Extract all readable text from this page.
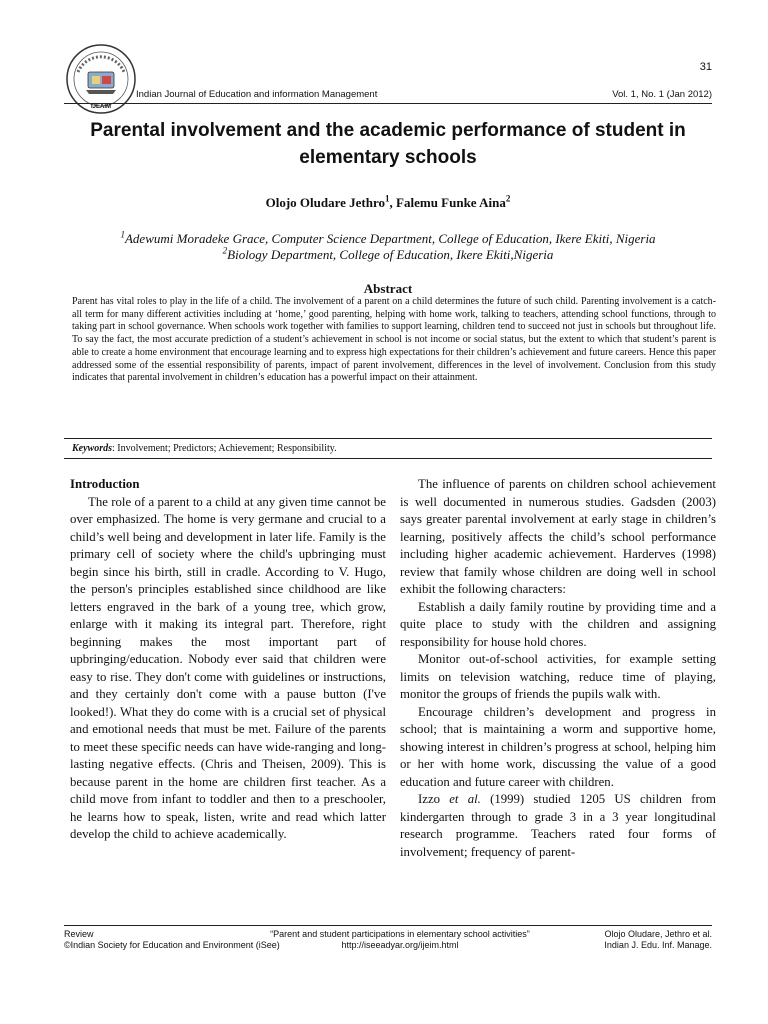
IJEAIM
31
Indian Journal of Education and information Management	Vol. 1, No. 1 (Jan 2012)
Parental involvement and the academic performance of student in elementary schools
Olojo Oludare Jethro$^1$, Falemu Funke Aina$^2$
$^1$Adewumi Moradeke Grace, Computer Science Department, College of Education, Ikere Ekiti, Nigeria
$^2$Biology Department, College of Education, Ikere Ekiti,Nigeria
Abstract

Parent has vital roles to play in the life of a child. The involvement of a parent on a child determines the future of such child. Parenting involvement is a catch-all term for many different activities including at ‘home,’ good parenting, helping with home work, talking to teachers, attending school functions, through to taking part in school governance. When schools work together with families to support learning, children tend to succeed not just in schools but throughout life. To say the fact, the most accurate prediction of a student’s achievement in school is not income or social status, but the extent to which that student’s parent is able to create a home environment that encourage learning and to express high expectations for their children’s achievement and future careers. Hence this paper addressed some of the essential responsibility of parents, impact of parent involvement, differences in the level of involvement. Conclusion from this study indicates that parental involvement in children’s education has a powerful impact on their attainment.

Keywords: Involvement; Predictors; Achievement; Responsibility.

Introduction

The role of a parent to a child at any given time cannot be over emphasized. The home is very germane and crucial to a child’s well being and development in later life. Family is the primary cell of society where the child's upbringing must begin since his birth, still in cradle. According to V. Hugo, the person's principles established since childhood are like letters engraved in the bark of a young tree, which grow, enlarge with it making its integral part. Therefore, right beginning makes the most important part of upbringing/education. Nobody ever said that children were easy to rise. They don't come with guidelines or instructions, and they certainly don't come with a pause button (I've looked!). What they do come with is a crucial set of physical and emotional needs that must be met. Failure of the parents to meet these specific needs can have wide-ranging and long-lasting negative effects. (Chris and Theisen, 2009). This is because parent in the home are children first teacher. As a child move from infant to toddler and then to a preschooler, he learns how to speak, listen, write and read which latter develop the child to achieve academically.

The influence of parents on children school achievement is well documented in numerous studies. Gadsden (2003) says greater parental involvement at early stage in children’s learning, positively affects the child’s school performance including higher academic achievement. Harderves (1998) review that family whose children are doing well in school exhibit the following characters:

Establish a daily family routine by providing time and a quite place to study with the children and assigning responsibility for house hold chores.

Monitor out-of-school activities, for example setting limits on television watching, reduce time of playing, monitor the groups of friends the pupils walk with.

Encourage children’s development and progress in school; that is maintaining a worm and supportive home, showing interest in children’s progress at school, helping him or her with home work, discussing the value of a good education and future career with children.

Izzo et al. (1999) studied 1205 US children from kindergarten through to grade 3 in a 3 year longitudinal research programme. Teachers rated four forms of involvement; frequency of parent-

Review
©Indian Society for Education and Environment (iSee)
“Parent and student participations in elementary school activities”
http://iseeadyar.org/ijeim.html
Olojo Oludare, Jethro et al.
Indian J. Edu. Inf. Manage.
